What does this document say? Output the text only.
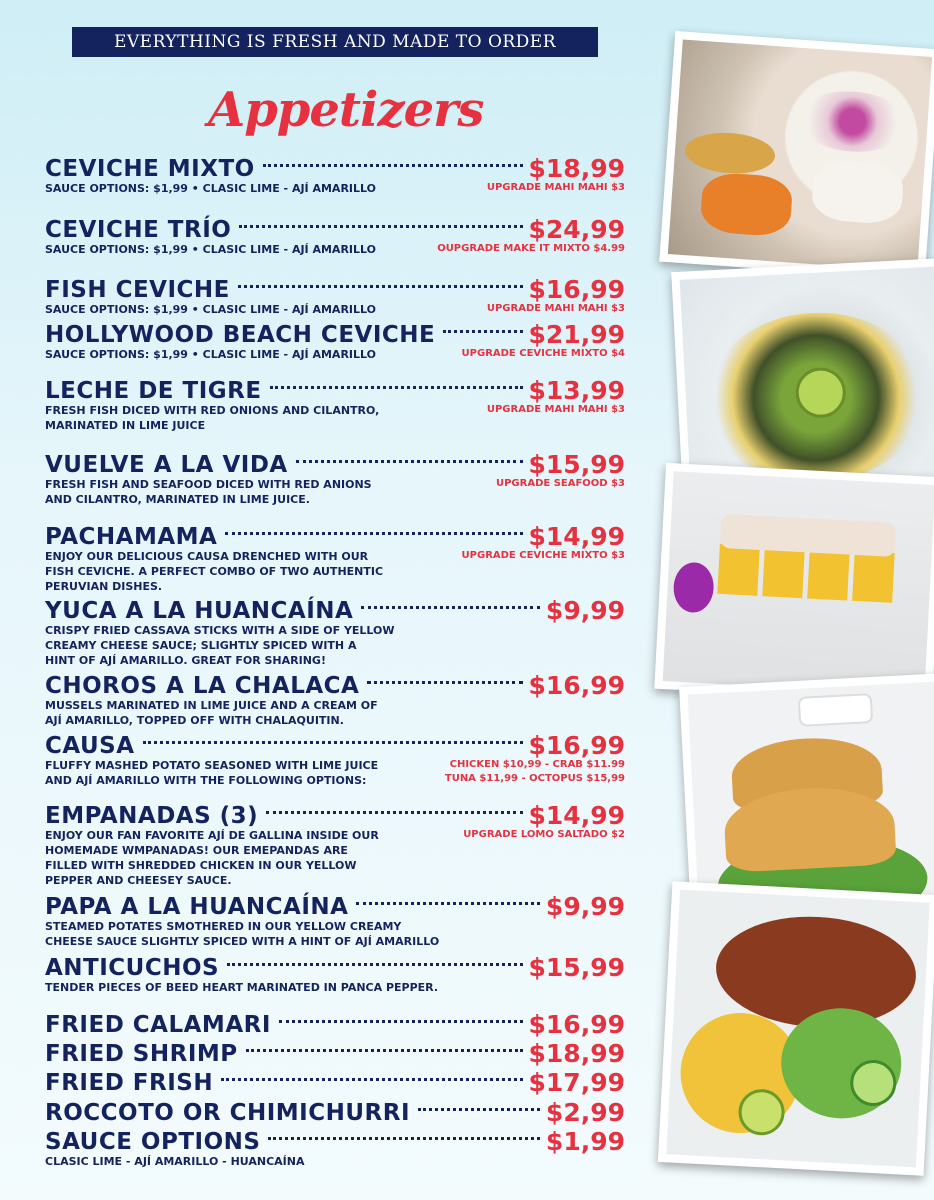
EVERYTHING IS FRESH AND MADE TO ORDER
Appetizers
CEVICHE MIXTO	$18,99
SAUCE OPTIONS: $1,99 • CLASIC LIME - AJÍ AMARILLO	UPGRADE MAHI MAHI $3
CEVICHE TRÍO	$24,99
SAUCE OPTIONS: $1,99 • CLASIC LIME - AJÍ AMARILLO	OUPGRADE MAKE IT MIXTO $4.99
FISH CEVICHE	$16,99
SAUCE OPTIONS: $1,99 • CLASIC LIME - AJÍ AMARILLO	UPGRADE MAHI MAHI $3
HOLLYWOOD BEACH CEVICHE	$21,99
SAUCE OPTIONS: $1,99 • CLASIC LIME - AJÍ AMARILLO	UPGRADE CEVICHE MIXTO $4
LECHE DE TIGRE	$13,99
FRESH FISH DICED WITH RED ONIONS AND CILANTRO,
MARINATED IN LIME JUICE
UPGRADE MAHI MAHI $3
VUELVE A LA VIDA	$15,99
FRESH FISH AND SEAFOOD DICED WITH RED ANIONS
AND CILANTRO, MARINATED IN LIME JUICE.
UPGRADE SEAFOOD $3
PACHAMAMA	$14,99
ENJOY OUR DELICIOUS CAUSA DRENCHED WITH OUR
FISH CEVICHE. A PERFECT COMBO OF TWO AUTHENTIC
PERUVIAN DISHES.
UPGRADE CEVICHE MIXTO $3
YUCA A LA HUANCAÍNA	$9,99
CRISPY FRIED CASSAVA STICKS WITH A SIDE OF YELLOW
CREAMY CHEESE SAUCE; SLIGHTLY SPICED WITH A
HINT OF AJÍ AMARILLO. GREAT FOR SHARING!
CHOROS A LA CHALACA	$16,99
MUSSELS MARINATED IN LIME JUICE AND A CREAM OF
AJÍ AMARILLO, TOPPED OFF WITH CHALAQUITIN.
CAUSA	$16,99
FLUFFY MASHED POTATO SEASONED WITH LIME JUICE
AND AJÍ AMARILLO WITH THE FOLLOWING OPTIONS:
CHICKEN $10,99 - CRAB $11.99
TUNA $11,99 - OCTOPUS $15,99
EMPANADAS (3)	$14,99
ENJOY OUR FAN FAVORITE AJÍ DE GALLINA INSIDE OUR
HOMEMADE WMPANADAS! OUR EMEPANDAS ARE
FILLED WITH SHREDDED CHICKEN IN OUR YELLOW
PEPPER AND CHEESEY SAUCE.
UPGRADE LOMO SALTADO $2
PAPA A LA HUANCAÍNA	$9,99
STEAMED POTATES SMOTHERED IN OUR YELLOW CREAMY
CHEESE SAUCE SLIGHTLY SPICED WITH A HINT OF AJÍ AMARILLO
ANTICUCHOS	$15,99
TENDER PIECES OF BEED HEART MARINATED IN PANCA PEPPER.
FRIED CALAMARI	$16,99
FRIED SHRIMP	$18,99
FRIED FRISH	$17,99
ROCCOTO OR CHIMICHURRI	$2,99
SAUCE OPTIONS	$1,99
CLASIC LIME - AJÍ AMARILLO - HUANCAÍNA
